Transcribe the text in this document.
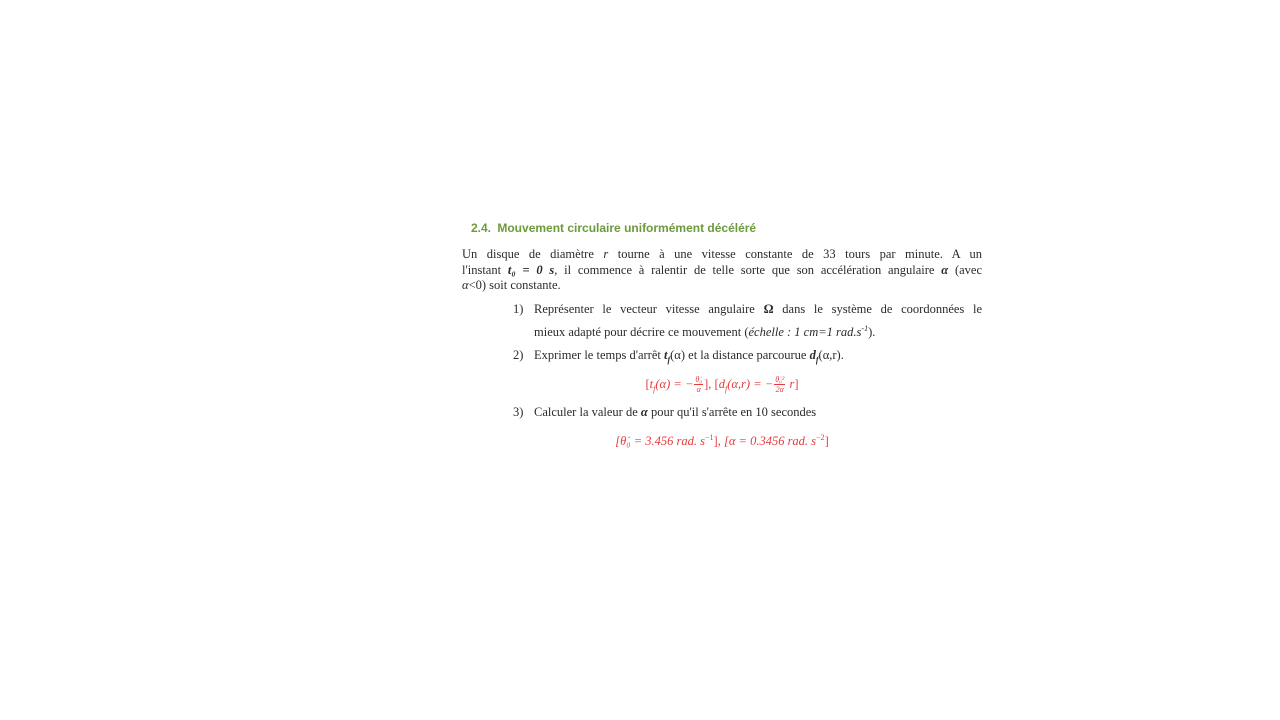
2.4. Mouvement circulaire uniformément décéléré
Un disque de diamètre r tourne à une vitesse constante de 33 tours par minute. A un
l'instant t₀ = 0 s, il commence à ralentir de telle sorte que son accélération angulaire α (avec
α<0) soit constante.
1) Représenter le vecteur vitesse angulaire Ω dans le système de coordonnées le
mieux adapté pour décrire ce mouvement (échelle : 1 cm=1 $rad.s^{-1}$).
2) Exprimer le temps d'arrêt $t_f(\alpha)$ et la distance parcourue $d_f(\alpha,r)$.
[$t_f(\alpha)$ = − $\frac{\text{θ̇₀}}{\alpha}$ ], [$d_f(\alpha,r)$ = − $\frac{\text{θ̇₀²}}{2\alpha} r$]
3) Calculer la valeur de α pour qu'il s'arrête en 10 secondes
[θ̇₀ = 3.456 rad. $s^{-1}$], [α = 0.3456 rad. $s^{-2}$]
